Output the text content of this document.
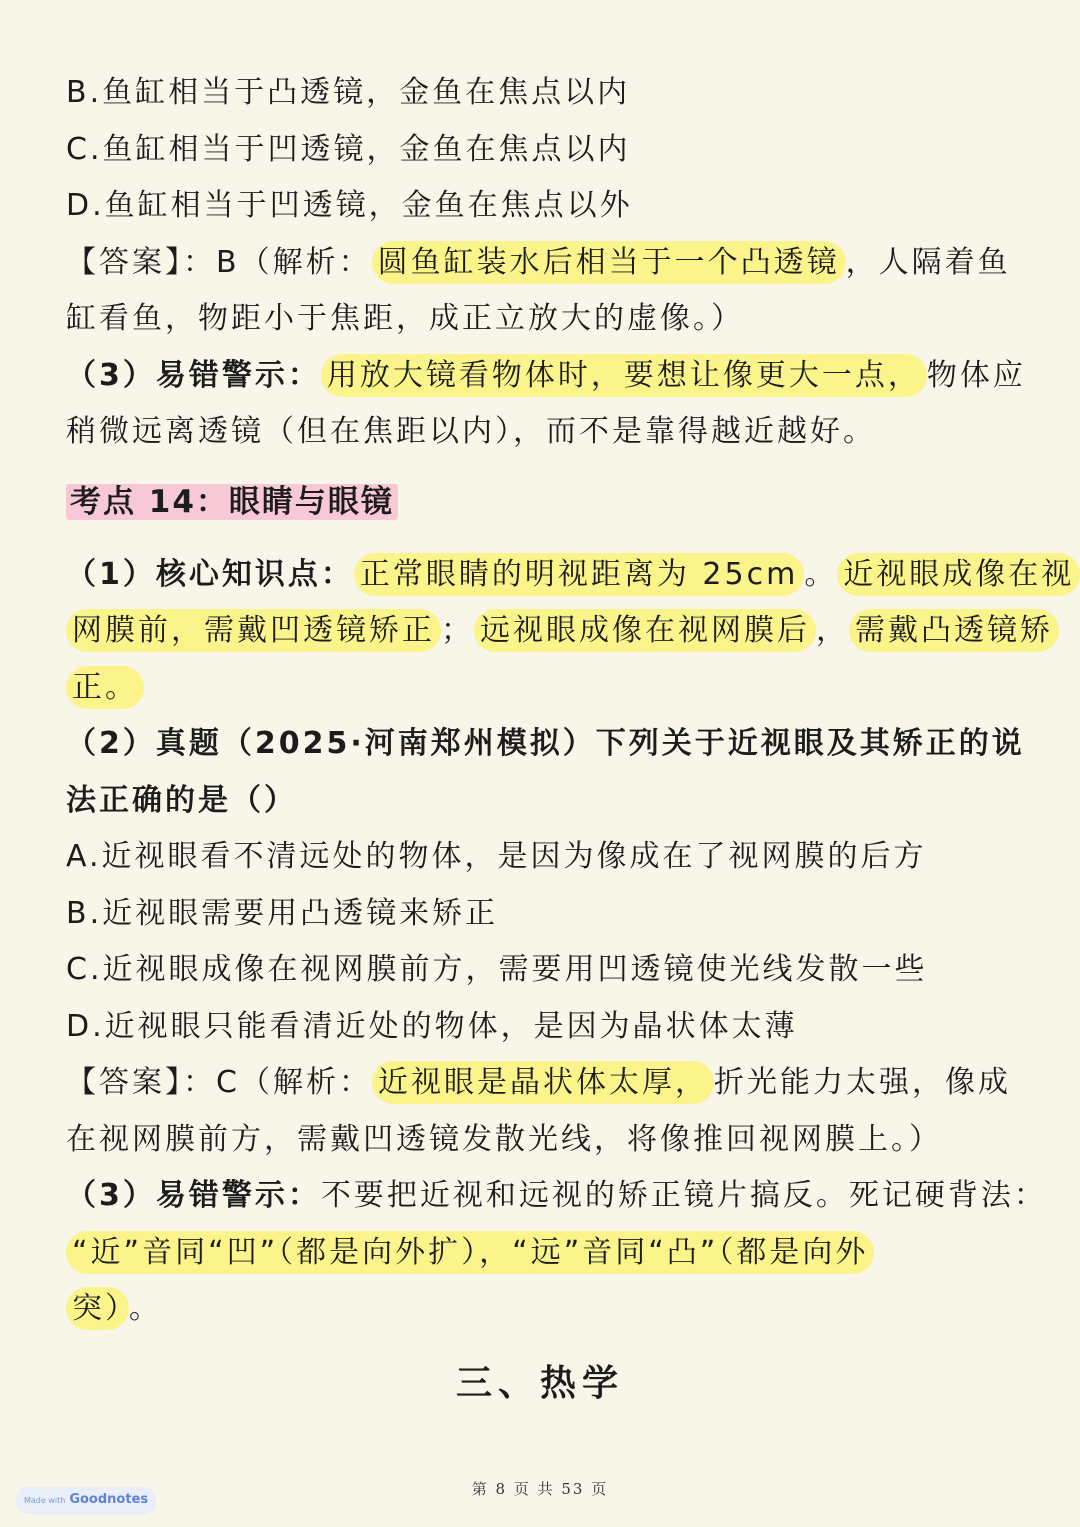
B.鱼缸相当于凸透镜，金鱼在焦点以内
C.鱼缸相当于凹透镜，金鱼在焦点以内
D.鱼缸相当于凹透镜，金鱼在焦点以外
【答案】：B（解析： 圆鱼缸装水后相当于一个凸透镜 ，人隔着鱼
缸看鱼，物距小于焦距，成正立放大的虚像。）
（3）易错警示： 用放大镜看物体时，要想让像更大一点， 物体应
稍微远离透镜（但在焦距以内），而不是靠得越近越好。
考点 14：眼睛与眼镜
（1）核心知识点： 正常眼睛的明视距离为 25cm 。 近视眼成像在视
网膜前，需戴凹透镜矫正 ； 远视眼成像在视网膜后 ， 需戴凸透镜矫
正。
（2）真题（2025·河南郑州模拟）下列关于近视眼及其矫正的说
法正确的是（）
A.近视眼看不清远处的物体，是因为像成在了视网膜的后方
B.近视眼需要用凸透镜来矫正
C.近视眼成像在视网膜前方，需要用凹透镜使光线发散一些
D.近视眼只能看清近处的物体，是因为晶状体太薄
【答案】：C（解析： 近视眼是晶状体太厚， 折光能力太强，像成
在视网膜前方，需戴凹透镜发散光线，将像推回视网膜上。）
（3）易错警示：不要把近视和远视的矫正镜片搞反。死记硬背法：
“近”音同“凹”（都是向外扩），“远”音同“凸”（都是向外
突） 。
三、热学
第 8 页 共 53 页
Made with Goodnotes
